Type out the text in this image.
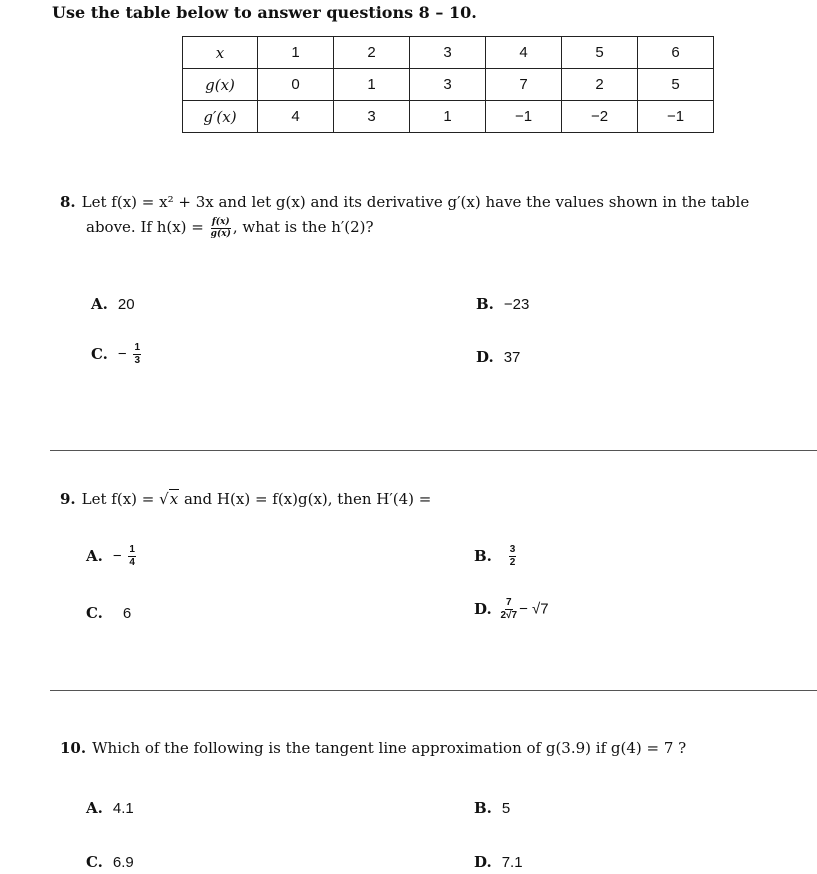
Use the table below to answer questions 8 – 10.
x	1	2	3	4	5	6
g(x)	0	1	3	7	2	5
g′(x)	4	3	1	−1	−2	−1
8. Let f(x) = x² + 3x and let g(x) and its derivative g′(x) have the values shown in the table
above. If $h(x) = \frac{f(x)}{g(x)}$ , what is the h′(2)?
A. 20	B. −23
C. − $\frac{1}{3}$	D. 37
9. Let f(x) = √x and H(x) = f(x)g(x), then H′(4) =
A. − $\frac{1}{4}$	B. $\frac{3}{2}$
C. 6	D. $\frac{7}{2√7} - √7$
10. Which of the following is the tangent line approximation of g(3.9) if g(4) = 7 ?
A. 4.1	B. 5
C. 6.9	D. 7.1
